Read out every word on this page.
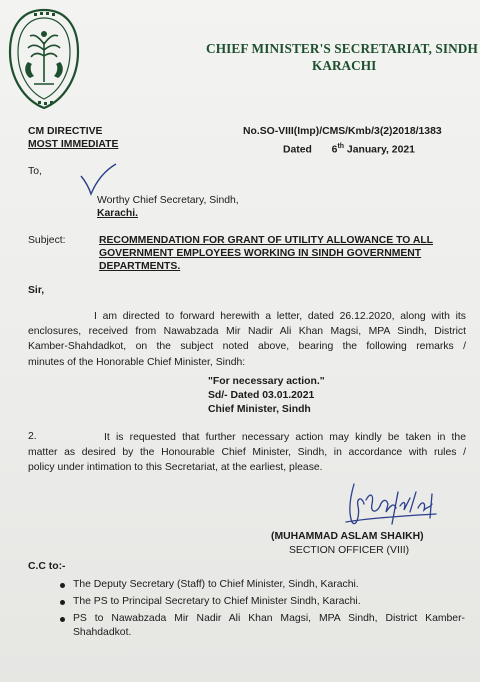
CHIEF MINISTER'S SECRETARIAT, SINDH
KARACHI
CM DIRECTIVE
MOST IMMEDIATE
No.SO-VIII(Imp)/CMS/Kmb/3(2)2018/1383
Dated 6th January, 2021
To,
Worthy Chief Secretary, Sindh,
Karachi.
Subject:	RECOMMENDATION FOR GRANT OF UTILITY ALLOWANCE TO ALL
GOVERNMENT EMPLOYEES WORKING IN SINDH GOVERNMENT
DEPARTMENTS.
Sir,
I am directed to forward herewith a letter, dated 26.12.2020, along with its
enclosures, received from Nawabzada Mir Nadir Ali Khan Magsi, MPA Sindh, District
Kamber-Shahdadkot, on the subject noted above, bearing the following remarks /
minutes of the Honorable Chief Minister, Sindh:
"For necessary action."
Sd/- Dated 03.01.2021
Chief Minister, Sindh
2.	It is requested that further necessary action may kindly be taken in the
matter as desired by the Honourable Chief Minister, Sindh, in accordance with rules /
policy under intimation to this Secretariat, at the earliest, please.
(MUHAMMAD ASLAM SHAIKH)
SECTION OFFICER (VIII)
C.C to:-
The Deputy Secretary (Staff) to Chief Minister, Sindh, Karachi.
The PS to Principal Secretary to Chief Minister Sindh, Karachi.
PS to Nawabzada Mir Nadir Ali Khan Magsi, MPA Sindh, District Kamber-
Shahdadkot.
